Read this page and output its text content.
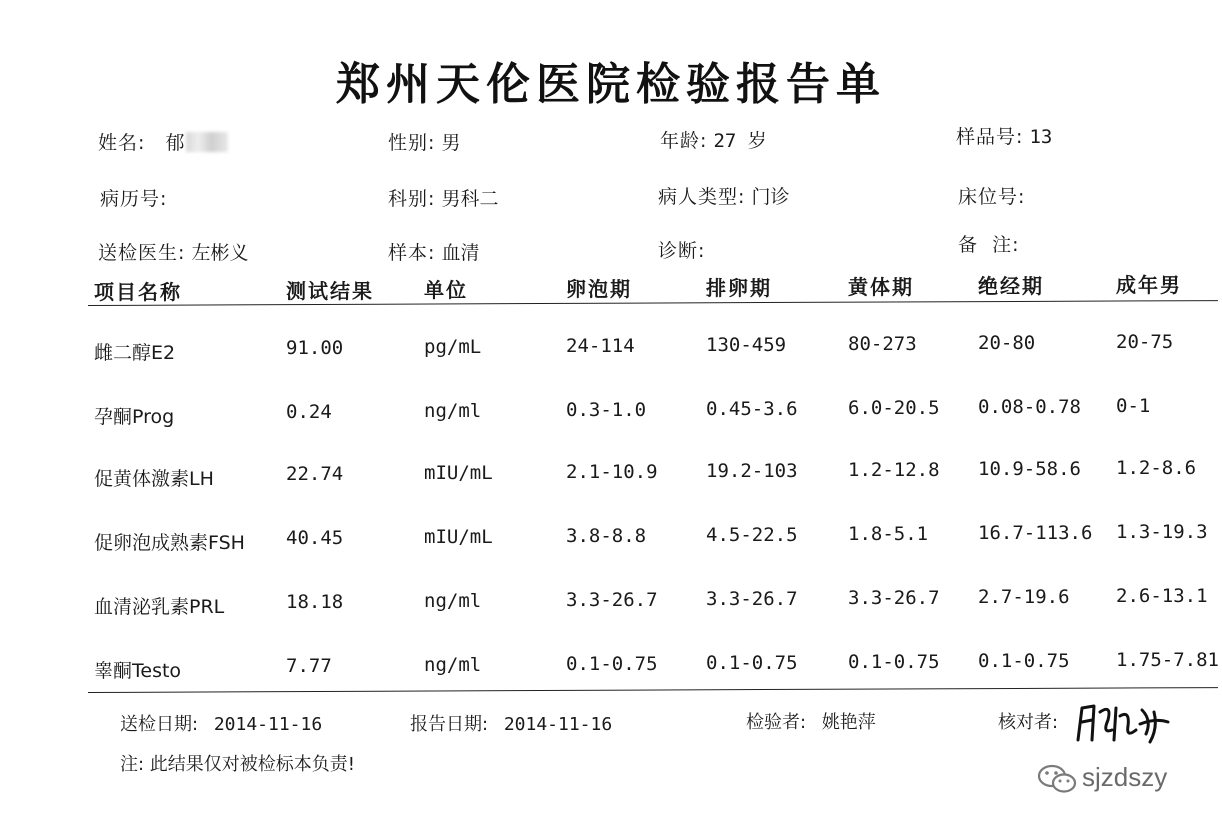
郑州天伦医院检验报告单
姓名: 郁	性别: 男	年龄: 27 岁	样品号: 13
病历号:	科别: 男科二	病人类型: 门诊	床位号:
送检医生: 左彬义	样本: 血清	诊断:	备  注:
项目名称	测试结果	单位	卵泡期	排卵期	黄体期	绝经期	成年男
雌二醇E2	91.00	pg/mL	24-114	130-459	80-273	20-80	20-75
孕酮Prog	0.24	ng/ml	0.3-1.0	0.45-3.6	6.0-20.5 0.08-0.78 0-1
促黄体激素LH	22.74	mIU/mL	2.1-10.9	19.2-103	1.2-12.8 10.9-58.6 1.2-8.6
促卵泡成熟素FSH 40.45	mIU/mL	3.8-8.8	4.5-22.5	1.8-5.1	16.7-113.6 1.3-19.3
血清泌乳素PRL	18.18	ng/ml	3.3-26.7	3.3-26.7	3.3-26.7 2.7-19.6 2.6-13.1
睾酮Testo	7.77	ng/ml	0.1-0.75	0.1-0.75	0.1-0.75 0.1-0.75 1.75-7.81
送检日期: 2014-11-16	报告日期: 2014-11-16	检验者: 姚艳萍	核对者:
注: 此结果仅对被检标本负责!	sjzdszy
